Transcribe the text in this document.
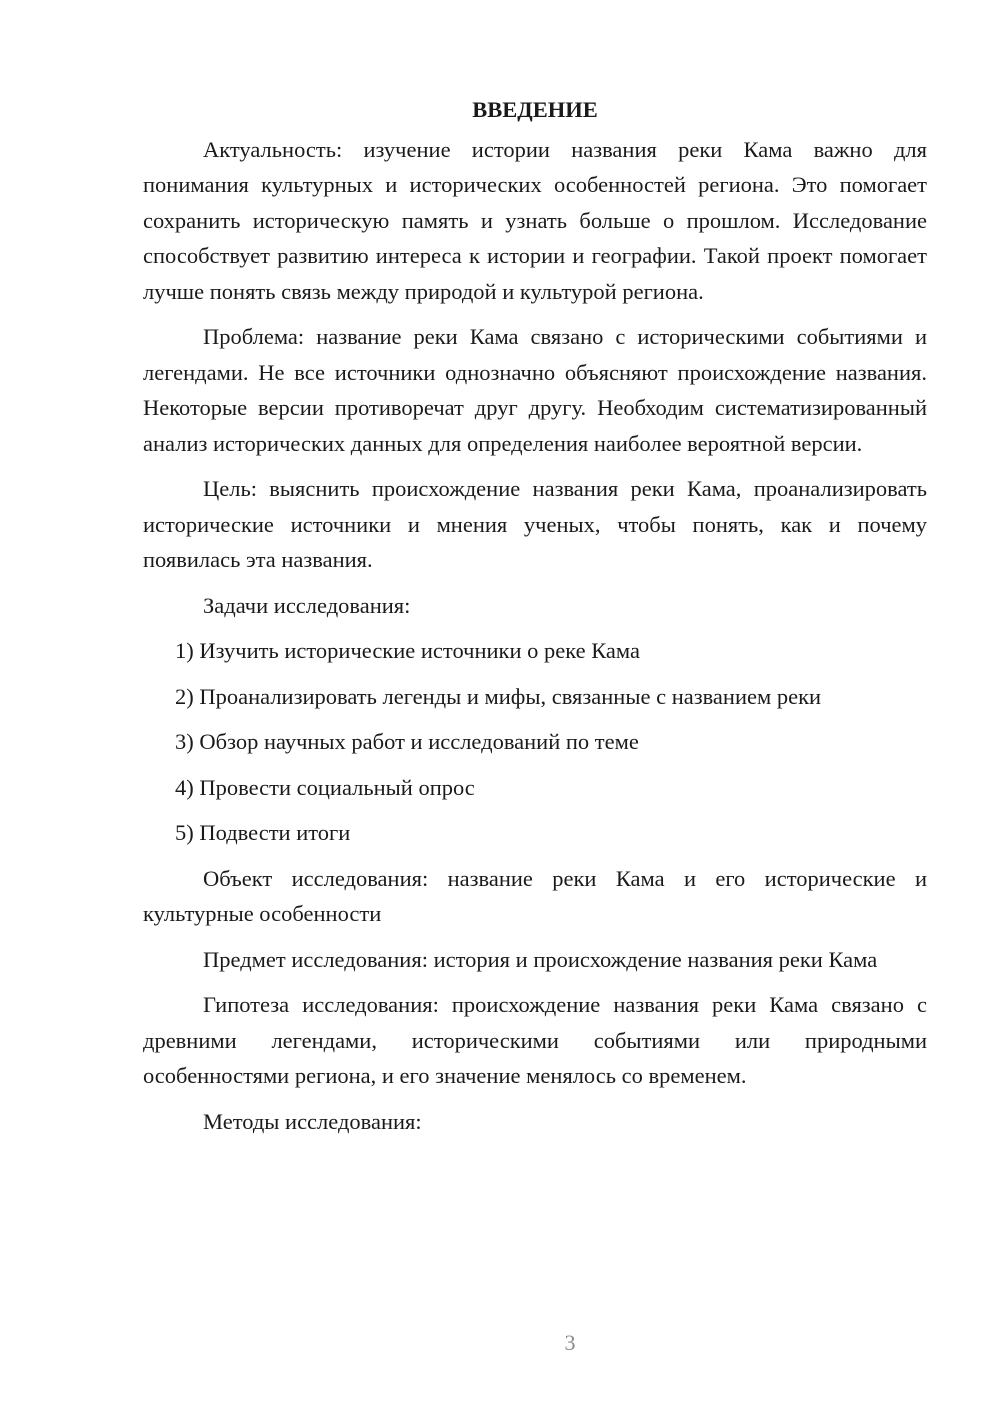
ВВЕДЕНИЕ

Актуальность: изучение истории названия реки Кама важно для понимания культурных и исторических особенностей региона. Это помогает сохранить историческую память и узнать больше о прошлом. Исследование способствует развитию интереса к истории и географии. Такой проект помогает лучше понять связь между природой и культурой региона.

Проблема: название реки Кама связано с историческими событиями и легендами. Не все источники однозначно объясняют происхождение названия. Некоторые версии противоречат друг другу. Необходим систематизированный анализ исторических данных для определения наиболее вероятной версии.

Цель: выяснить происхождение названия реки Кама, проанализировать исторические источники и мнения ученых, чтобы понять, как и почему появилась эта названия.

Задачи исследования:

1) Изучить исторические источники о реке Кама
2) Проанализировать легенды и мифы, связанные с названием реки
3) Обзор научных работ и исследований по теме
4) Провести социальный опрос
5) Подвести итоги

Объект исследования: название реки Кама и его исторические и культурные особенности

Предмет исследования: история и происхождение названия реки Кама

Гипотеза исследования: происхождение названия реки Кама связано с древними легендами, историческими событиями или природными особенностями региона, и его значение менялось со временем.

Методы исследования:

3
